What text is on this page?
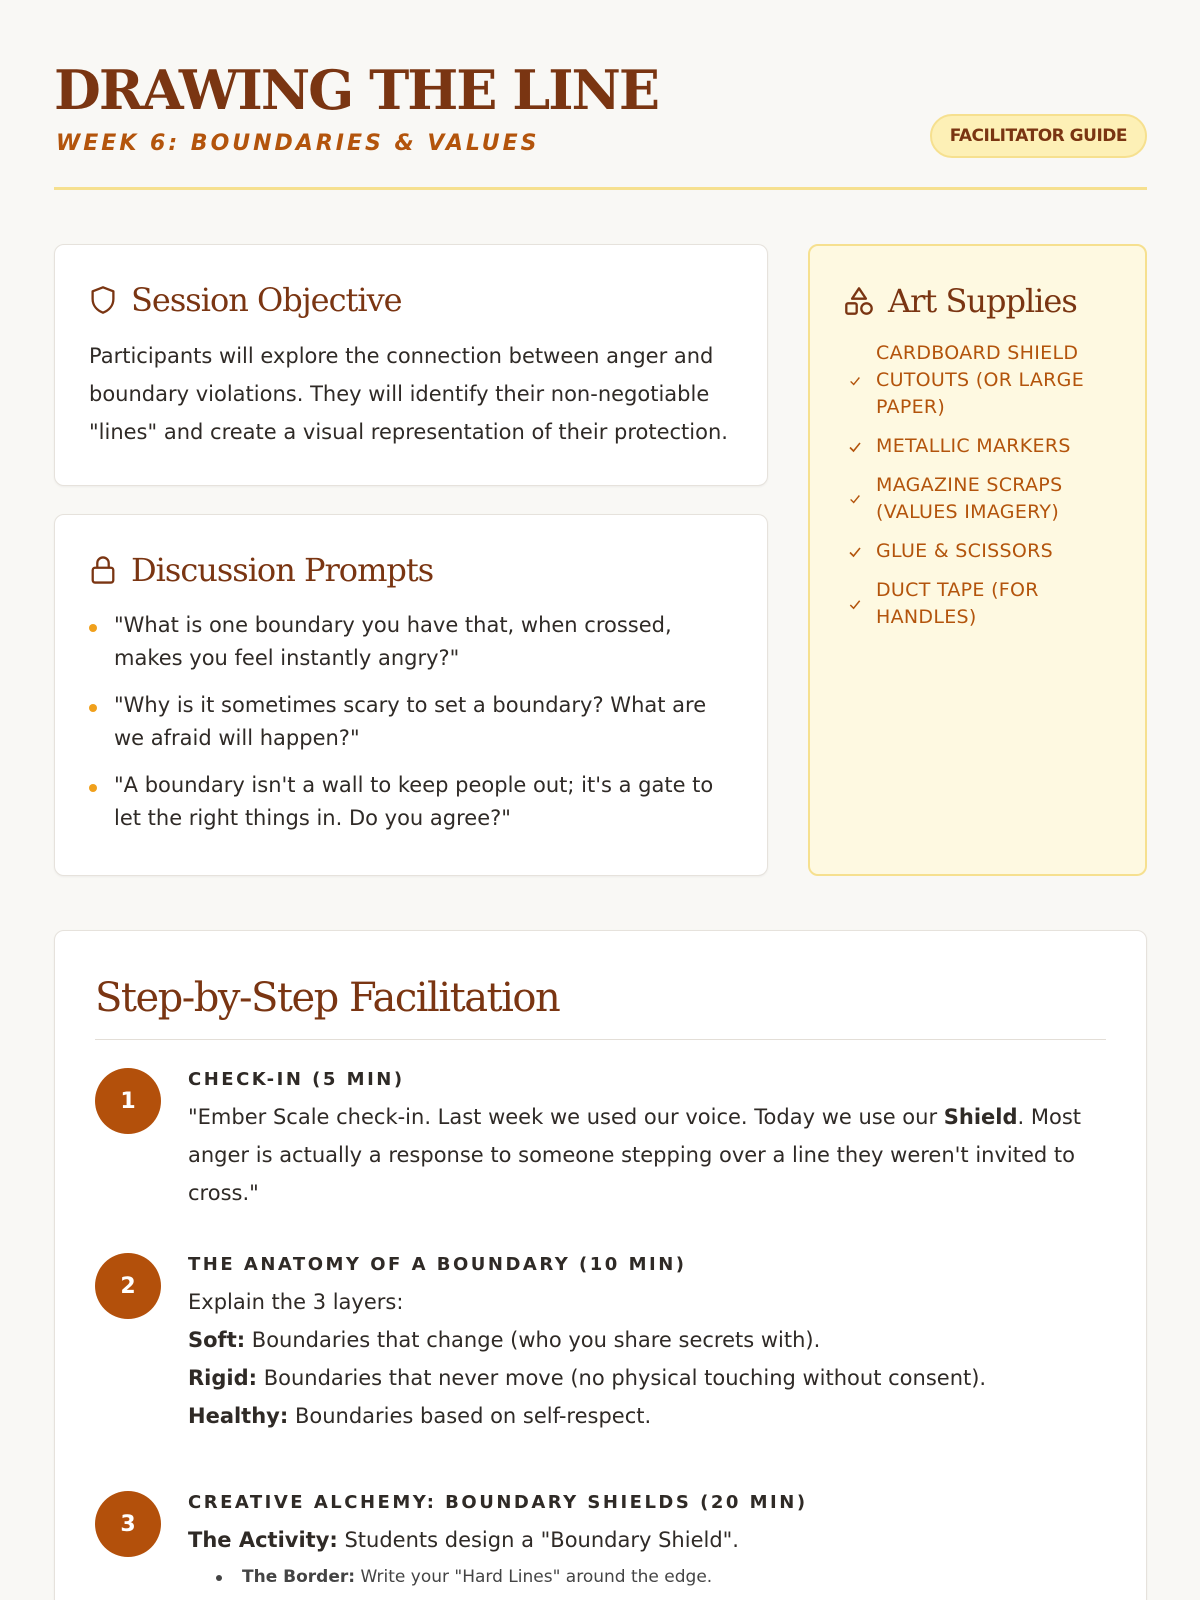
DRAWING THE LINE
WEEK 6: BOUNDARIES & VALUES	FACILITATOR GUIDE
Session Objective

Participants will explore the connection between anger and boundary violations. They will identify their non-negotiable "lines" and create a visual representation of their protection.

Discussion Prompts
"What is one boundary you have that, when crossed, makes you feel instantly angry?"
"Why is it sometimes scary to set a boundary? What are we afraid will happen?"
"A boundary isn't a wall to keep people out; it's a gate to let the right things in. Do you agree?"
Art Supplies
CARDBOARD SHIELD CUTOUTS (OR LARGE PAPER)
METALLIC MARKERS
MAGAZINE SCRAPS (VALUES IMAGERY)
GLUE & SCISSORS
DUCT TAPE (FOR HANDLES)
Step-by-Step Facilitation
1
CHECK-IN (5 MIN)
"Ember Scale check-in. Last week we used our voice. Today we use our Shield. Most anger is actually a response to someone stepping over a line they weren't invited to cross."
2
THE ANATOMY OF A BOUNDARY (10 MIN)
Explain the 3 layers:
Soft: Boundaries that change (who you share secrets with).
Rigid: Boundaries that never move (no physical touching without consent).
Healthy: Boundaries based on self-respect.
3
CREATIVE ALCHEMY: BOUNDARY SHIELDS (20 MIN)
The Activity: Students design a "Boundary Shield".
The Border: Write your "Hard Lines" around the edge.
